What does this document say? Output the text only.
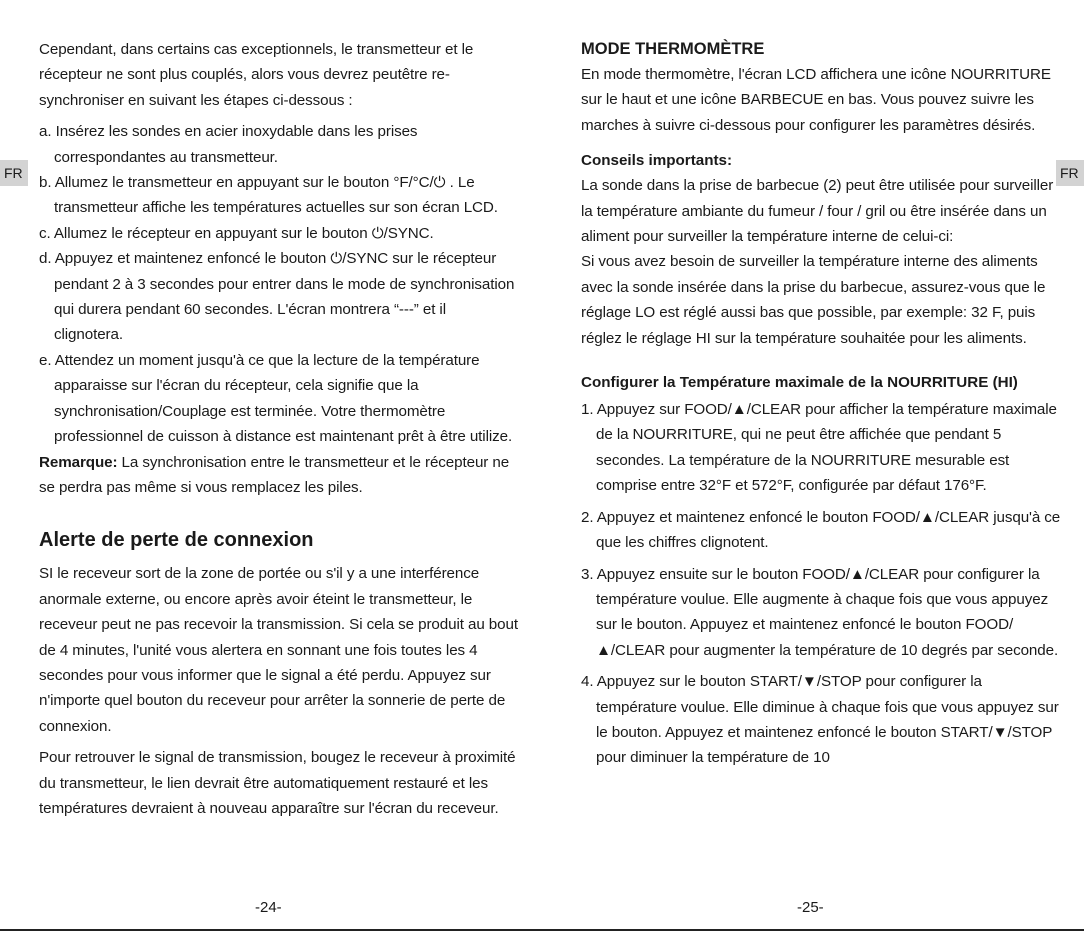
FR	FR

Cependant, dans certains cas exceptionnels, le transmetteur et le récepteur ne sont plus couplés, alors vous devrez peutêtre re-synchroniser en suivant les étapes ci-dessous :

a. Insérez les sondes en acier inoxydable dans les prises correspondantes au transmetteur.
b. Allumez le transmetteur en appuyant sur le bouton °F/°C/⏻ . Le transmetteur affiche les températures actuelles sur son écran LCD.
c. Allumez le récepteur en appuyant sur le bouton ⏻/SYNC.
d. Appuyez et maintenez enfoncé le bouton ⏻/SYNC sur le récepteur pendant 2 à 3 secondes pour entrer dans le mode de synchronisation qui durera pendant 60 secondes. L'écran montrera “---” et il clignotera.
e. Attendez un moment jusqu'à ce que la lecture de la température apparaisse sur l'écran du récepteur, cela signifie que la synchronisation/Couplage est terminée. Votre thermomètre professionnel de cuisson à distance est maintenant prêt à être utilize.

Remarque: La synchronisation entre le transmetteur et le récepteur ne se perdra pas même si vous remplacez les piles.

Alerte de perte de connexion

SI le receveur sort de la zone de portée ou s'il y a une interférence anormale externe, ou encore après avoir éteint le transmetteur, le receveur peut ne pas recevoir la transmission. Si cela se produit au bout de 4 minutes, l'unité vous alertera en sonnant une fois toutes les 4 secondes pour vous informer que le signal a été perdu. Appuyez sur n'importe quel bouton du receveur pour arrêter la sonnerie de perte de connexion.

Pour retrouver le signal de transmission, bougez le receveur à proximité du transmetteur, le lien devrait être automatiquement restauré et les températures devraient à nouveau apparaître sur l'écran du receveur.

-24-
MODE THERMOMÈTRE

En mode thermomètre, l'écran LCD affichera une icône NOURRITURE sur le haut et une icône BARBECUE en bas. Vous pouvez suivre les marches à suivre ci-dessous pour configurer les paramètres désirés.

Conseils importants:

La sonde dans la prise de barbecue (2) peut être utilisée pour surveiller la température ambiante du fumeur / four / gril ou être insérée dans un aliment pour surveiller la température interne de celui-ci:

Si vous avez besoin de surveiller la température interne des aliments avec la sonde insérée dans la prise du barbecue, assurez-vous que le réglage LO est réglé aussi bas que possible, par exemple: 32 F, puis réglez le réglage HI sur la température souhaitée pour les aliments.

Configurer la Température maximale de la NOURRITURE (HI)
1. Appuyez sur FOOD/▲/CLEAR pour afficher la température maximale de la NOURRITURE, qui ne peut être affichée que pendant 5 secondes. La température de la NOURRITURE mesurable est comprise entre 32°F et 572°F, configurée par défaut 176°F.
2. Appuyez et maintenez enfoncé le bouton FOOD/▲/CLEAR jusqu'à ce que les chiffres clignotent.
3. Appuyez ensuite sur le bouton FOOD/▲/CLEAR pour configurer la température voulue. Elle augmente à chaque fois que vous appuyez sur le bouton. Appuyez et maintenez enfoncé le bouton FOOD/▲/CLEAR pour augmenter la température de 10 degrés par seconde.
4. Appuyez sur le bouton START/▼/STOP pour configurer la température voulue. Elle diminue à chaque fois que vous appuyez sur le bouton. Appuyez et maintenez enfoncé le bouton START/▼/STOP pour diminuer la température de 10
-25-
